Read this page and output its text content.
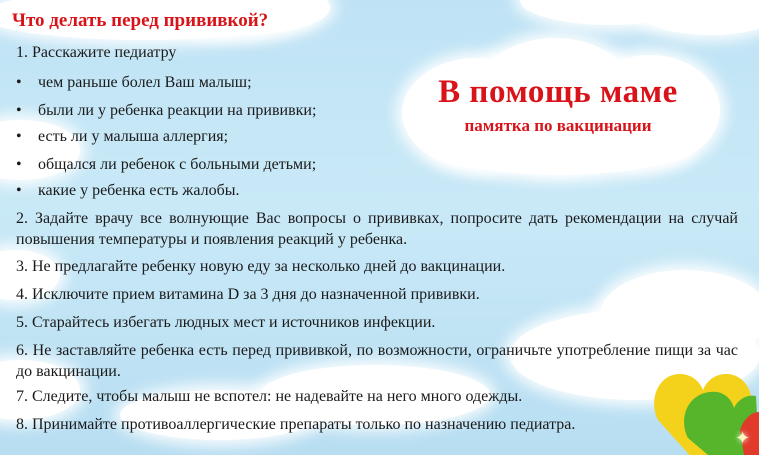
✦
Что делать перед прививкой?
1. Расскажите педиатру
• чем раньше болел Ваш малыш;
• были ли у ребенка реакции на прививки;
• есть ли у малыша аллергия;
• общался ли ребенок с больными детьми;
• какие у ребенка есть жалобы.
2. Задайте врачу все волнующие Вас вопросы о прививках, попросите дать рекомендации на случай повышения температуры и появления реакций у ребенка.
3. Не предлагайте ребенку новую еду за несколько дней до вакцинации.
4. Исключите прием витамина D за 3 дня до назначенной прививки.
5. Старайтесь избегать людных мест и источников инфекции.
6. Не заставляйте ребенка есть перед прививкой, по возможности, ограничьте употребление пищи за час до вакцинации.
7. Следите, чтобы малыш не вспотел: не надевайте на него много одежды.
8. Принимайте противоаллергические препараты только по назначению педиатра.
В помощь маме
памятка по вакцинации
